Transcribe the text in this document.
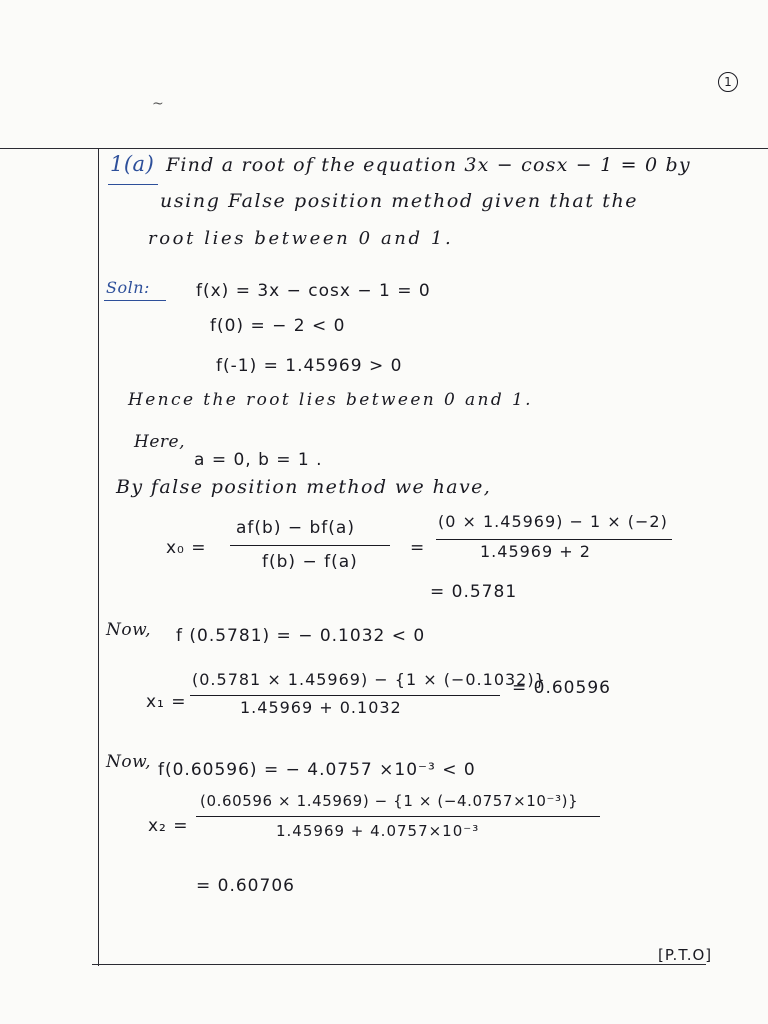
1
1(a) Find a root of the equation 3x − cosx − 1 = 0 by
using False position method given that the
root lies between 0 and 1.
Soln:	f(x) = 3x − cosx − 1 = 0
f(0) = − 2 < 0
f(-1) = 1.45969 > 0
Hence the root lies between 0 and 1.
Here,
a = 0, b = 1 .
By false position method we have,
x₀ =
af(b) − bf(a)
f(b) − f(a)
=
(0 × 1.45969) − 1 × (−2)
1.45969 + 2
= 0.5781
Now, f (0.5781) = − 0.1032 < 0
x₁ =
(0.5781 × 1.45969) − {1 × (−0.1032)}
1.45969 + 0.1032
= 0.60596
Now, f(0.60596) = − 4.0757 ×10⁻³ < 0
x₂ =
(0.60596 × 1.45969) − {1 × (−4.0757×10⁻³)}
1.45969 + 4.0757×10⁻³
= 0.60706
[P.T.O]
~
